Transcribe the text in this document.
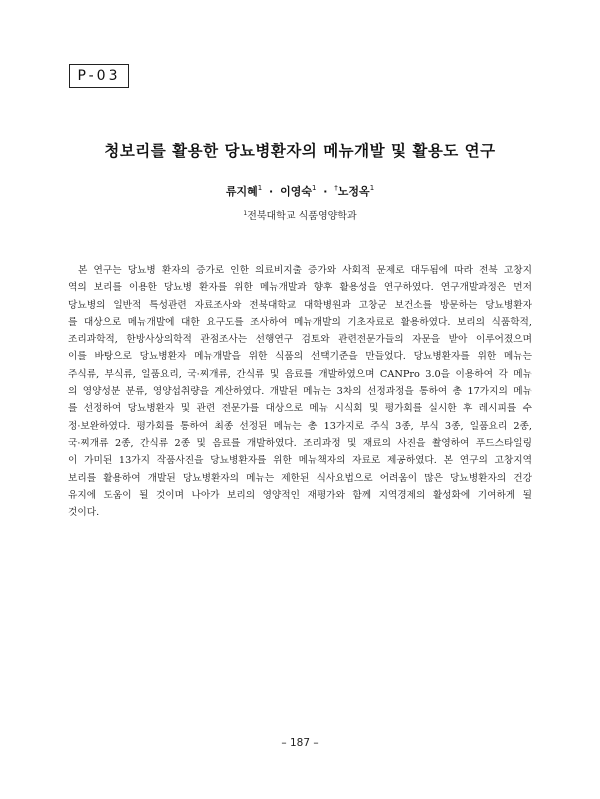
P-03
청보리를 활용한 당뇨병환자의 메뉴개발 및 활용도 연구
류지혜$^1$ · 이영숙$^1$ · †노정옥$^1$
$^1$전북대학교 식품영양학과
본 연구는 당뇨병 환자의 증가로 인한 의료비지출 증가와 사회적 문제로 대두됨에 따라 전북 고창지
역의 보리를 이용한 당뇨병 환자를 위한 메뉴개발과 향후 활용성을 연구하였다. 연구개발과정은 먼저
당뇨병의 일반적 특성관련 자료조사와 전북대학교 대학병원과 고창군 보건소를 방문하는 당뇨병환자
를 대상으로 메뉴개발에 대한 요구도를 조사하여 메뉴개발의 기초자료로 활용하였다. 보리의 식품학적,
조리과학적, 한방사상의학적 관점조사는 선행연구 검토와 관련전문가들의 자문을 받아 이루어졌으며
이를 바탕으로 당뇨병환자 메뉴개발을 위한 식품의 선택기준을 만들었다. 당뇨병환자를 위한 메뉴는
주식류, 부식류, 일품요리, 국·찌개류, 간식류 및 음료를 개발하였으며 CANPro 3.0을 이용하여 각 메뉴
의 영양성분 분류, 영양섭취량을 계산하였다. 개발된 메뉴는 3차의 선정과정을 통하여 총 17가지의 메뉴
를 선정하여 당뇨병환자 및 관련 전문가를 대상으로 메뉴 시식회 및 평가회를 실시한 후 레시피를 수
정·보완하였다. 평가회를 통하여 최종 선정된 메뉴는 총 13가지로 주식 3종, 부식 3종, 일품요리 2종,
국·찌개류 2종, 간식류 2종 및 음료를 개발하였다. 조리과정 및 재료의 사진을 촬영하여 푸드스타일링
이 가미된 13가지 작품사진을 당뇨병환자를 위한 메뉴책자의 자료로 제공하였다. 본 연구의 고창지역
보리를 활용하여 개발된 당뇨병환자의 메뉴는 제한된 식사요법으로 어려움이 많은 당뇨병환자의 건강
유지에 도움이 될 것이며 나아가 보리의 영양적인 재평가와 함께 지역경제의 활성화에 기여하게 될
것이다.
– 187 –
